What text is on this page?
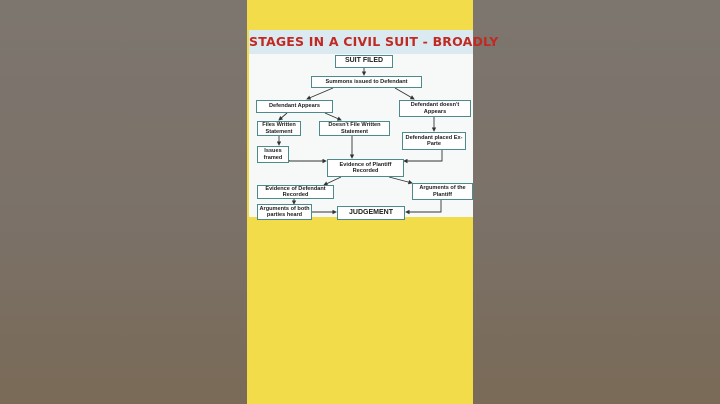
STAGES IN A CIVIL SUIT - BROADLY
SUIT FILED
Summons issued to Defendant
Defendant Appears	Defendant doesn't Appears
Files Written Statement
Doesn't File Written Statement
Defendant placed Ex-Parte
Issues framed
Evidence of Plantiff Recorded
Evidence of Defendant Recorded
Arguments of the Plantiff
Arguments of both parties heard	JUDGEMENT
